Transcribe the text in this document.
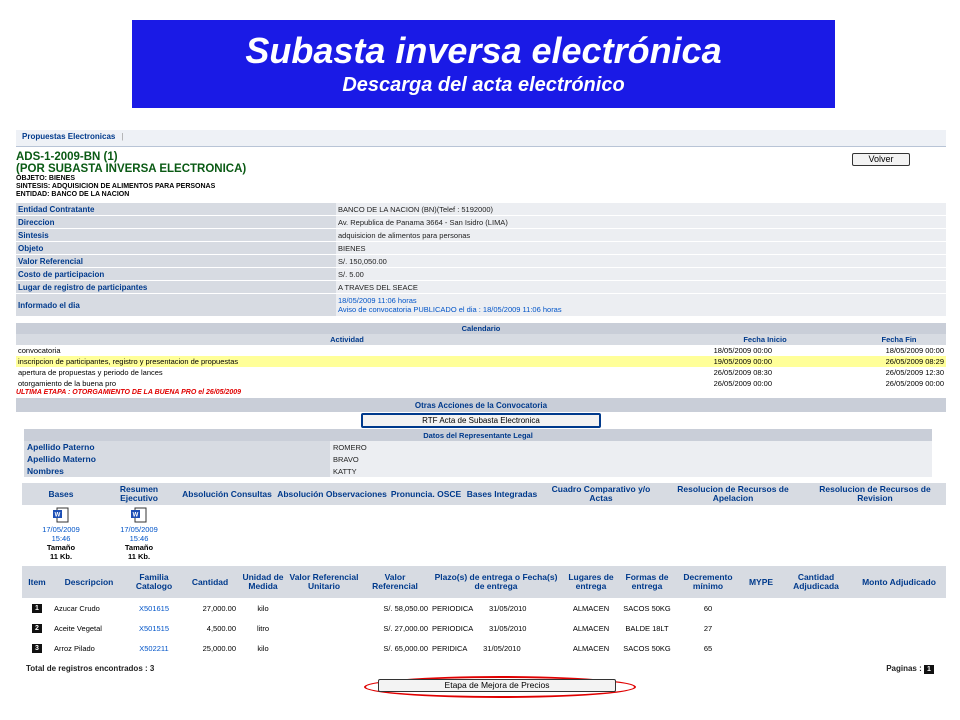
Subasta inversa electrónica
Descarga del acta electrónico
Propuestas Electronicas |
ADS-1-2009-BN (1)
(POR SUBASTA INVERSA ELECTRONICA)
OBJETO: BIENES
SINTESIS: ADQUISICION DE ALIMENTOS PARA PERSONAS
ENTIDAD: BANCO DE LA NACION
Volver
Entidad Contratante	BANCO DE LA NACION (BN)(Telef : 5192000)
Direccion	Av. Republica de Panama 3664 - San Isidro (LIMA)
Sintesis	adquisicion de alimentos para personas
Objeto	BIENES
Valor Referencial	S/. 150,050.00
Costo de participacion	S/. 5.00
Lugar de registro de participantes	A TRAVES DEL SEACE
Informado el dia	18/05/2009 11:06 horas
Aviso de convocatoria PUBLICADO el dia : 18/05/2009 11:06 horas
Calendario		
Actividad	Fecha Inicio	Fecha Fin
convocatoria	18/05/2009 00:00	18/05/2009 00:00
inscripcion de participantes, registro y presentacion de propuestas	19/05/2009 00:00	26/05/2009 08:29
apertura de propuestas y periodo de lances	26/05/2009 08:30	26/05/2009 12:30
otorgamiento de la buena pro	26/05/2009 00:00	26/05/2009 00:00
ULTIMA ETAPA : OTORGAMIENTO DE LA BUENA PRO el 26/05/2009
Otras Acciones de la Convocatoria
RTF Acta de Subasta Electronica
Datos del Representante Legal	
Apellido Paterno	ROMERO
Apellido Materno	BRAVO
Nombres	KATTY
Bases	Resumen Ejecutivo	Absolución Consultas	Absolución Observaciones	Pronuncia. OSCE	Bases Integradas	Cuadro Comparativo y/o Actas	Resolucion de Recursos de Apelacion	Resolucion de Recursos de Revision

W

17/05/2009
15:46
Tamaño
11 Kb.	W

17/05/2009
15:46
Tamaño
11 Kb.							
Item	Descripcion	Familia Catalogo	Cantidad	Unidad de Medida	Valor Referencial Unitario	Valor Referencial	Plazo(s) de entrega o Fecha(s) de entrega	Lugares de entrega	Formas de entrega	Decremento mínimo	MYPE	Cantidad Adjudicada	Monto Adjudicado
1	Azucar Crudo	X501615	27,000.00	kilo		S/. 58,050.00	PERIODICA 31/05/2010	ALMACEN	SACOS 50KG	60			
2	Aceite Vegetal	X501515	4,500.00	litro		S/. 27,000.00	PERIODICA 31/05/2010	ALMACEN	BALDE 18LT	27			
3	Arroz Pilado	X502211	25,000.00	kilo		S/. 65,000.00	PERIDICA 31/05/2010	ALMACEN	SACOS 50KG	65			
Total de registros encontrados : 3	Paginas : 1
Etapa de Mejora de Precios
